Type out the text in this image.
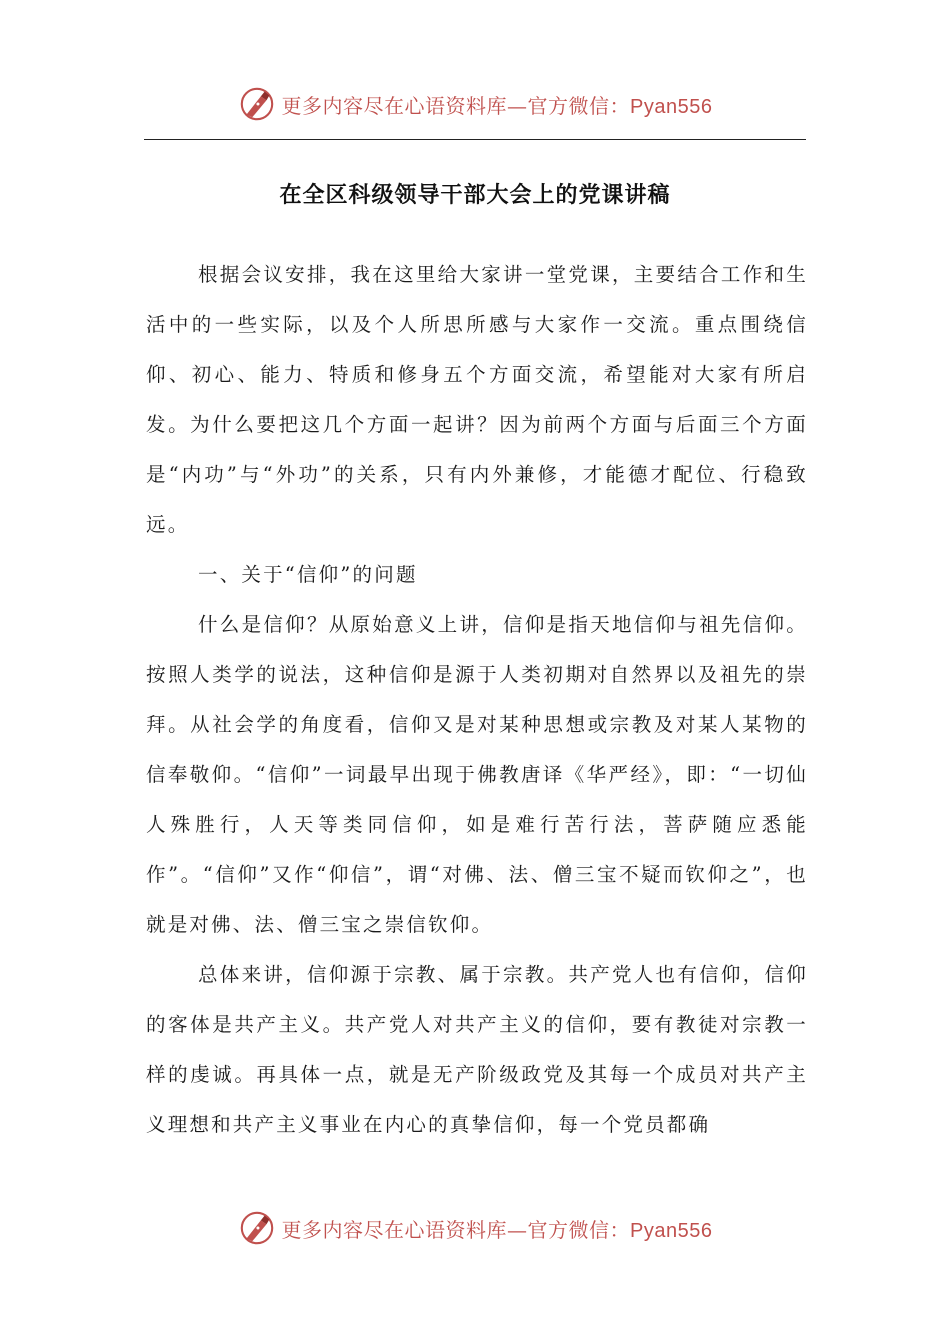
更多内容尽在心语资料库—官方微信：Pyan556
在全区科级领导干部大会上的党课讲稿

根据会议安排，我在这里给大家讲一堂党课，主要结合工作和生活中的一些实际，以及个人所思所感与大家作一交流。重点围绕信仰、初心、能力、特质和修身五个方面交流，希望能对大家有所启发。为什么要把这几个方面一起讲？因为前两个方面与后面三个方面是“内功”与“外功”的关系，只有内外兼修，才能德才配位、行稳致远。

一、关于“信仰”的问题

什么是信仰？从原始意义上讲，信仰是指天地信仰与祖先信仰。按照人类学的说法，这种信仰是源于人类初期对自然界以及祖先的崇拜。从社会学的角度看，信仰又是对某种思想或宗教及对某人某物的信奉敬仰。“信仰”一词最早出现于佛教唐译《华严经》，即：“一切仙人殊胜行，人天等类同信仰，如是难行苦行法，菩萨随应悉能作”。“信仰”又作“仰信”，谓“对佛、法、僧三宝不疑而钦仰之”，也就是对佛、法、僧三宝之崇信钦仰。

总体来讲，信仰源于宗教、属于宗教。共产党人也有信仰，信仰的客体是共产主义。共产党人对共产主义的信仰，要有教徒对宗教一样的虔诚。再具体一点，就是无产阶级政党及其每一个成员对共产主义理想和共产主义事业在内心的真挚信仰，每一个党员都确

更多内容尽在心语资料库—官方微信：Pyan556
